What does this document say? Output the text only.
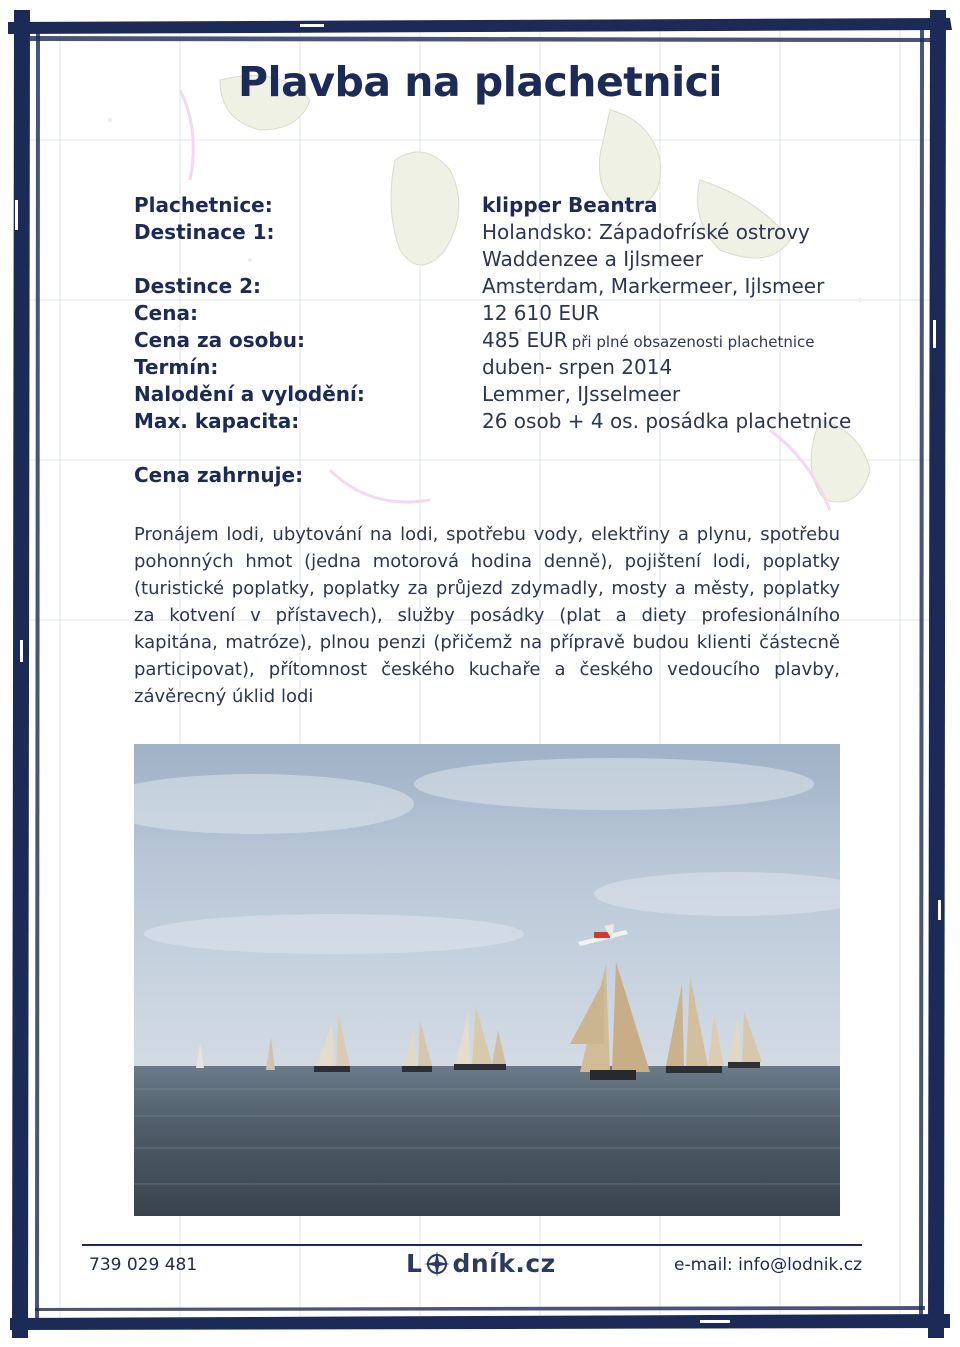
Plavba na plachetnici
Plachetnice:	klipper Beantra
Destinace 1:	Holandsko: Západofríské ostrovy
Waddenzee a Ijlsmeer
Destince 2:	Amsterdam, Markermeer, Ijlsmeer
Cena:	12 610 EUR
Cena za osobu:	485 EUR při plné obsazenosti plachetnice
Termín:	duben- srpen 2014
Nalodění a vylodění:	Lemmer, IJsselmeer
Max. kapacita:	26 osob + 4 os. posádka plachetnice
Cena zahrnuje:
Pronájem lodi, ubytování na lodi, spotřebu vody, elektřiny a plynu, spotřebu pohonných hmot (jedna motorová hodina denně), pojištení lodi, poplatky (turistické poplatky, poplatky za průjezd zdymadly, mosty a městy, poplatky za kotvení v přístavech), služby posádky (plat a diety profesionálního kapitána, matróze), plnou penzi (přičemž na přípravě budou klienti částecně participovat), přítomnost českého kuchaře a českého vedoucího plavby, závěrecný úklid lodi
739 029 481	L dník.cz	e-mail: info@lodnik.cz
